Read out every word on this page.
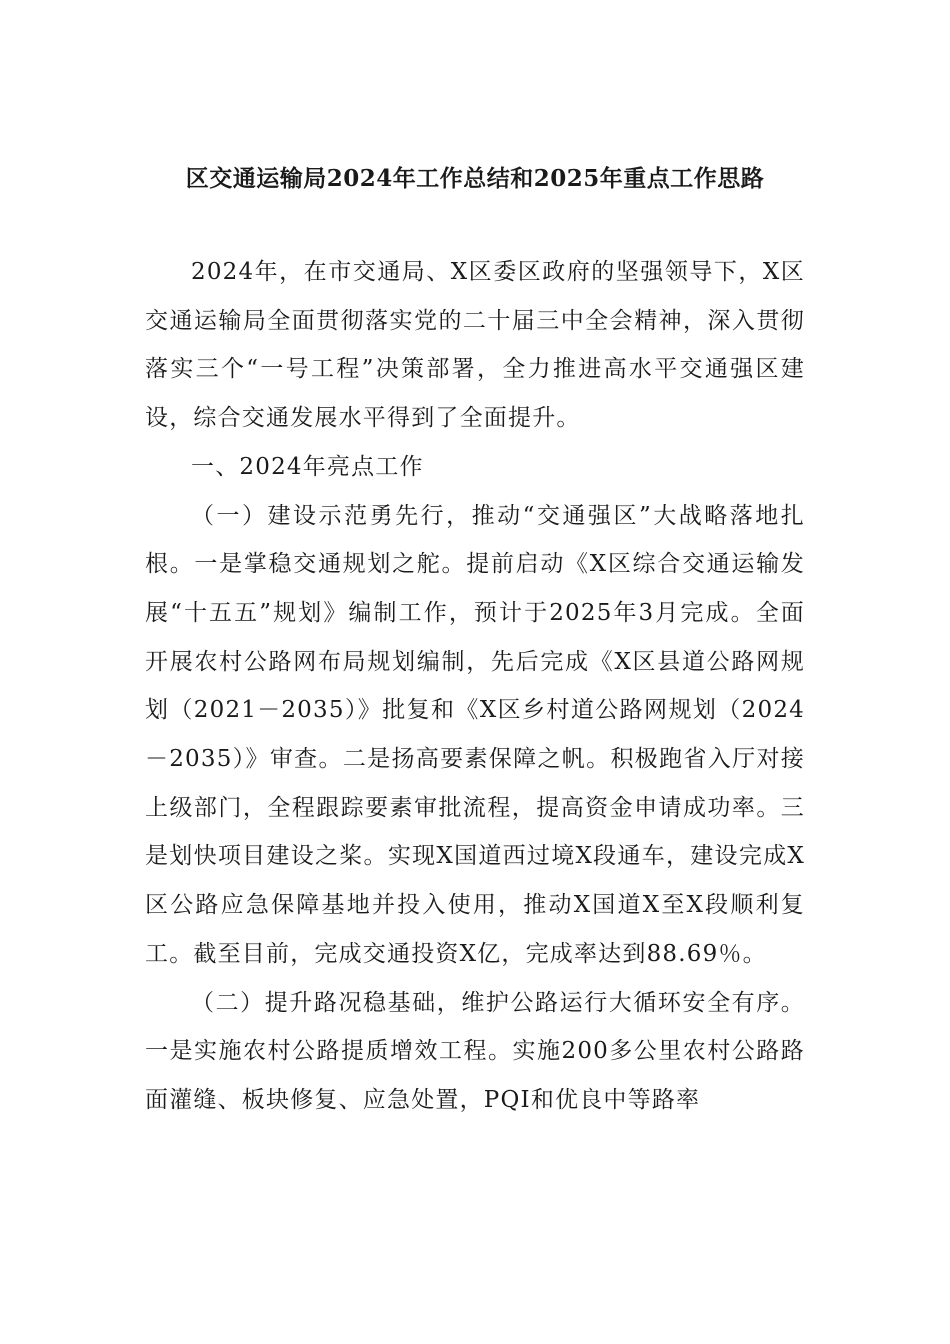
区交通运输局2024年工作总结和2025年重点工作思路

2024年，在市交通局、X区委区政府的坚强领导下，X区交通运输局全面贯彻落实党的二十届三中全会精神，深入贯彻落实三个“一号工程”决策部署，全力推进高水平交通强区建设，综合交通发展水平得到了全面提升。

一、2024年亮点工作

（一）建设示范勇先行，推动“交通强区”大战略落地扎根。一是掌稳交通规划之舵。提前启动《X区综合交通运输发展“十五五”规划》编制工作，预计于2025年3月完成。全面开展农村公路网布局规划编制，先后完成《X区县道公路网规划（2021－2035）》批复和《X区乡村道公路网规划（2024－2035）》审查。二是扬高要素保障之帆。积极跑省入厅对接上级部门，全程跟踪要素审批流程，提高资金申请成功率。三是划快项目建设之桨。实现X国道西过境X段通车，建设完成X区公路应急保障基地并投入使用，推动X国道X至X段顺利复工。截至目前，完成交通投资X亿，完成率达到88.69％。

（二）提升路况稳基础，维护公路运行大循环安全有序。一是实施农村公路提质增效工程。实施200多公里农村公路路面灌缝、板块修复、应急处置，PQI和优良中等路率
